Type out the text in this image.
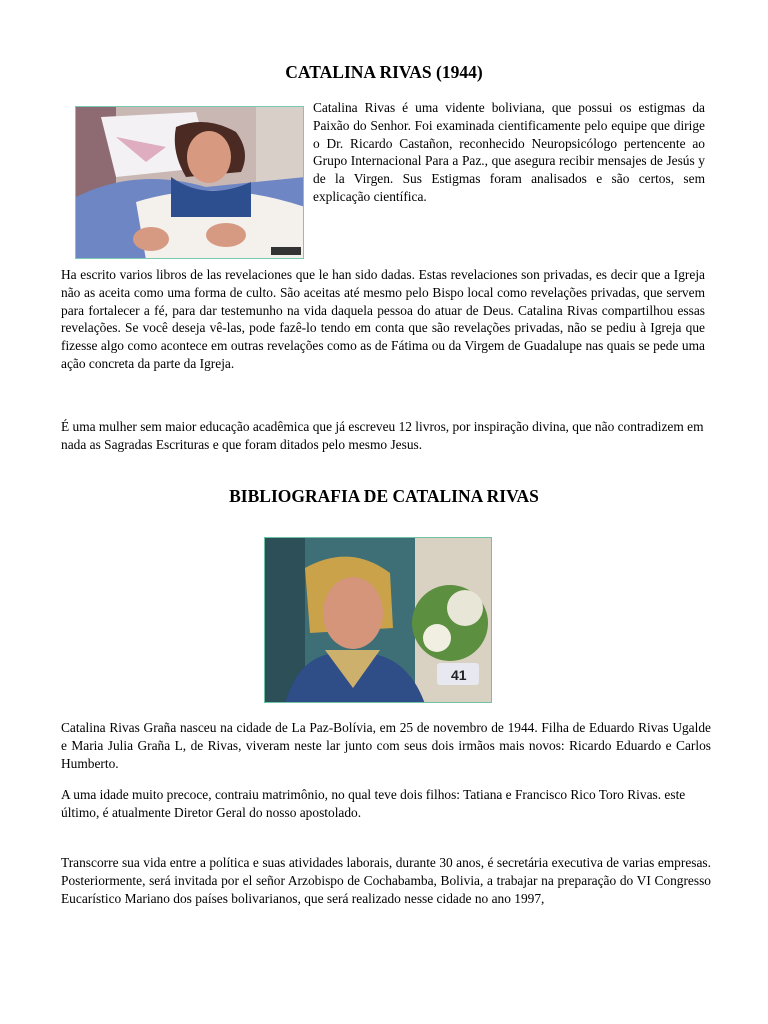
CATALINA RIVAS (1944)

Catalina Rivas é uma vidente boliviana, que possui os estigmas da Paixão do Senhor. Foi examinada cientificamente pelo equipe que dirige o Dr. Ricardo Castañon, reconhecido Neuropsicólogo pertencente ao Grupo Internacional Para a Paz., que asegura recibir mensajes de Jesús y de la Virgen. Sus Estigmas foram analisados e são certos, sem explicação científica.

Ha escrito varios libros de las revelaciones que le han sido dadas. Estas revelaciones son privadas, es decir que a Igreja não as aceita como uma forma de culto. São aceitas até mesmo pelo Bispo local como revelações privadas, que servem para fortalecer a fé, para dar testemunho na vida daquela pessoa do atuar de Deus. Catalina Rivas compartilhou essas revelações. Se você deseja vê-las, pode fazê-lo tendo em conta que são revelações privadas, não se pediu à Igreja que fizesse algo como acontece em outras revelações como as de Fátima ou da Virgem de Guadalupe nas quais se pede uma ação concreta da parte da Igreja.

É uma mulher sem maior educação acadêmica que já escreveu 12 livros, por inspiração divina, que não contradizem em nada as Sagradas Escrituras e que foram ditados pelo mesmo Jesus.

BIBLIOGRAFIA DE CATALINA RIVAS
41

Catalina Rivas Graña nasceu na cidade de La Paz-Bolívia, em 25 de novembro de 1944. Filha de Eduardo Rivas Ugalde e Maria Julia Graña L, de Rivas, viveram neste lar junto com seus dois irmãos mais novos: Ricardo Eduardo e Carlos Humberto.

A uma idade muito precoce, contraiu matrimônio, no qual teve dois filhos: Tatiana e Francisco Rico Toro Rivas. este último, é atualmente Diretor Geral do nosso apostolado.

Transcorre sua vida entre a política e suas atividades laborais, durante 30 anos, é secretária executiva de varias empresas. Posteriormente, será invitada por el señor Arzobispo de Cochabamba, Bolivia, a trabajar na preparação do VI Congresso Eucarístico Mariano dos países bolivarianos, que será realizado nesse cidade no ano 1997,
